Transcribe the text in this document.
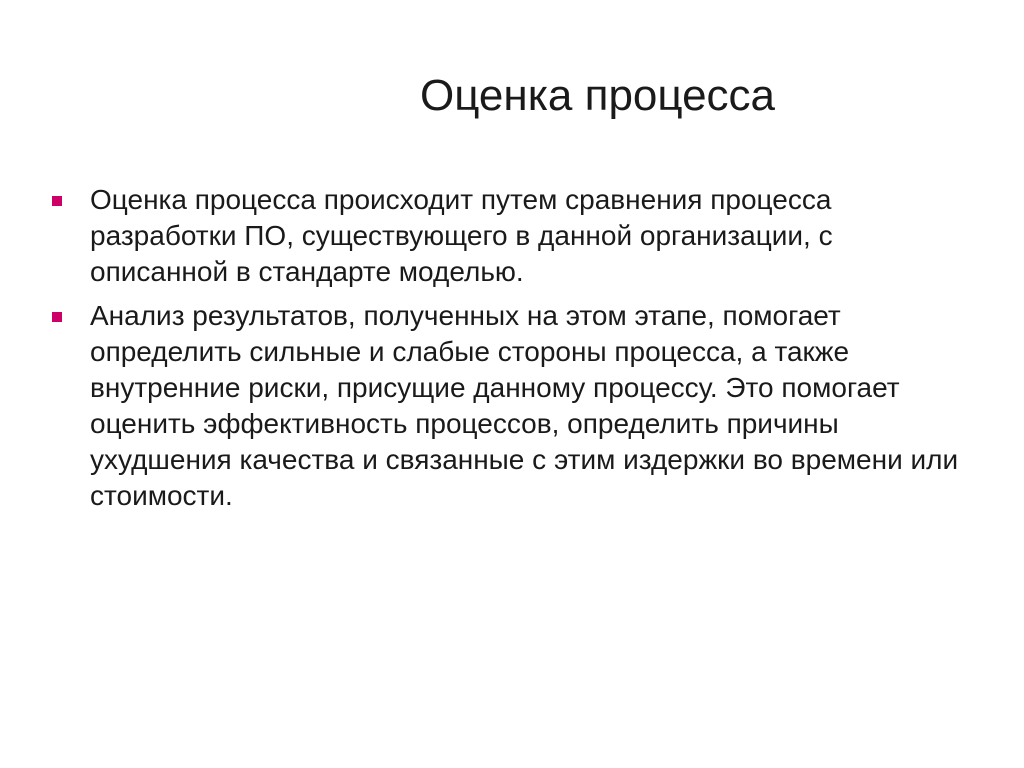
Оценка процесса
Оценка процесса происходит путем сравнения процесса разработки ПО, существующего в данной организации, с описанной в стандарте моделью.
Анализ результатов, полученных на этом этапе, помогает определить сильные и слабые стороны процесса, а также внутренние риски, присущие данному процессу. Это помогает оценить эффективность процессов, определить причины ухудшения качества и связанные с этим издержки во времени или стоимости.
